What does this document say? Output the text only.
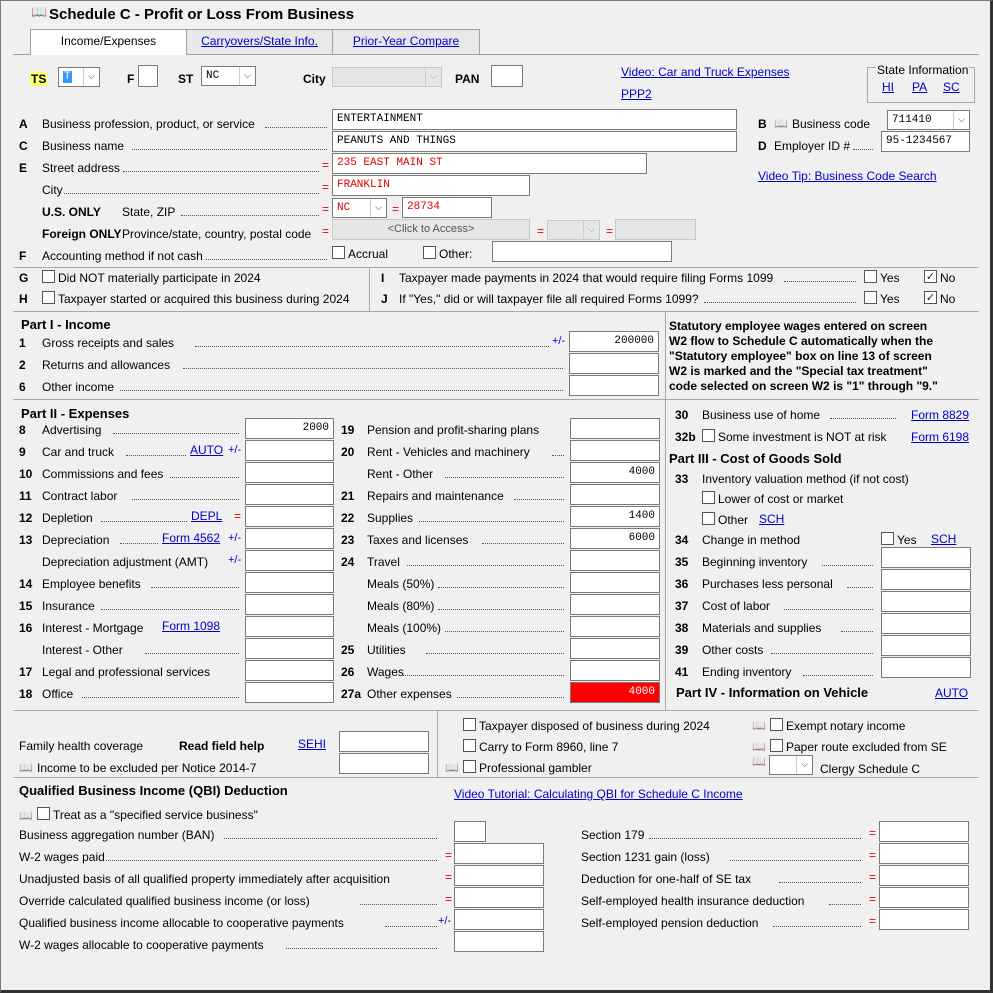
📖 Schedule C - Profit or Loss From Business
Income/Expenses	Carryovers/State Info.	Prior-Year Compare
TS	T	⌵	F	ST	NC	⌵	City	⌵	PAN	Video: Car and Truck Expenses
PPP2
State Information
HI PA SC
A Business profession, product, or service	ENTERTAINMENT
C Business name	PEANUTS AND THINGS
E Street address	= 235 EAST MAIN ST
City	= FRANKLIN
U.S. ONLY State, ZIP	= NC	⌵ = 28734
Foreign ONLY Province/state, country, postal code =	<Click to Access>	=	⌵ =
F Accounting method if not cash	Accrual	Other:
B 📖 Business code	711410	⌵
D Employer ID #	95-1234567
Video Tip: Business Code Search
G Did NOT materially participate in 2024
H	Taxpayer started or acquired this business during 2024
I Taxpayer made payments in 2024 that would require filing Forms 1099	Yes ✓ No
J If "Yes," did or will taxpayer file all required Forms 1099?	Yes ✓ No
Part I - Income
1 Gross receipts and sales	+/-	200000
2 Returns and allowances
6 Other income
Statutory employee wages entered on screen
W2 flow to Schedule C automatically when the
"Statutory employee" box on line 13 of screen
W2 is marked and the "Special tax treatment"
code selected on screen W2 is "1" through "9."
Part II - Expenses
8 Advertising	2000
9 Car and truck	AUTO +/-
10 Commissions and fees
11 Contract labor
12 Depletion	DEPL =
13 Depreciation	Form 4562 +/-
Depreciation adjustment (AMT) +/-
14 Employee benefits
15 Insurance
16 Interest - Mortgage Form 1098
Interest - Other
17 Legal and professional services
18 Office
19 Pension and profit-sharing plans
20 Rent - Vehicles and machinery
Rent - Other	4000
21 Repairs and maintenance
22 Supplies	1400
23 Taxes and licenses	6000
24 Travel
Meals (50%)
Meals (80%)
Meals (100%)
25 Utilities
26 Wages
27a Other expenses	4000
30 Business use of home	Form 8829
32b Some investment is NOT at risk Form 6198
Part III - Cost of Goods Sold
33 Inventory valuation method (if not cost)
Lower of cost or market
Other SCH
34 Change in method	Yes SCH
35 Beginning inventory
36 Purchases less personal
37 Cost of labor
38 Materials and supplies
39 Other costs
41 Ending inventory
Part IV - Information on Vehicle	AUTO
Family health coverage	Read field help	SEHI
📖 Income to be excluded per Notice 2014-7
Taxpayer disposed of business during 2024
Carry to Form 8960, line 7
📖 Professional gambler
📖 Exempt notary income
📖 Paper route excluded from SE
📖	⌵	Clergy Schedule C
Qualified Business Income (QBI) Deduction	Video Tutorial: Calculating QBI for Schedule C Income
📖 Treat as a "specified service business"
Business aggregation number (BAN)
W-2 wages paid	=
Unadjusted basis of all qualified property immediately after acquisition	=
Override calculated qualified business income (or loss)	=
Qualified business income allocable to cooperative payments	+/-
W-2 wages allocable to cooperative payments
Section 179	=
Section 1231 gain (loss)	=
Deduction for one-half of SE tax	=
Self-employed health insurance deduction	=
Self-employed pension deduction	=
